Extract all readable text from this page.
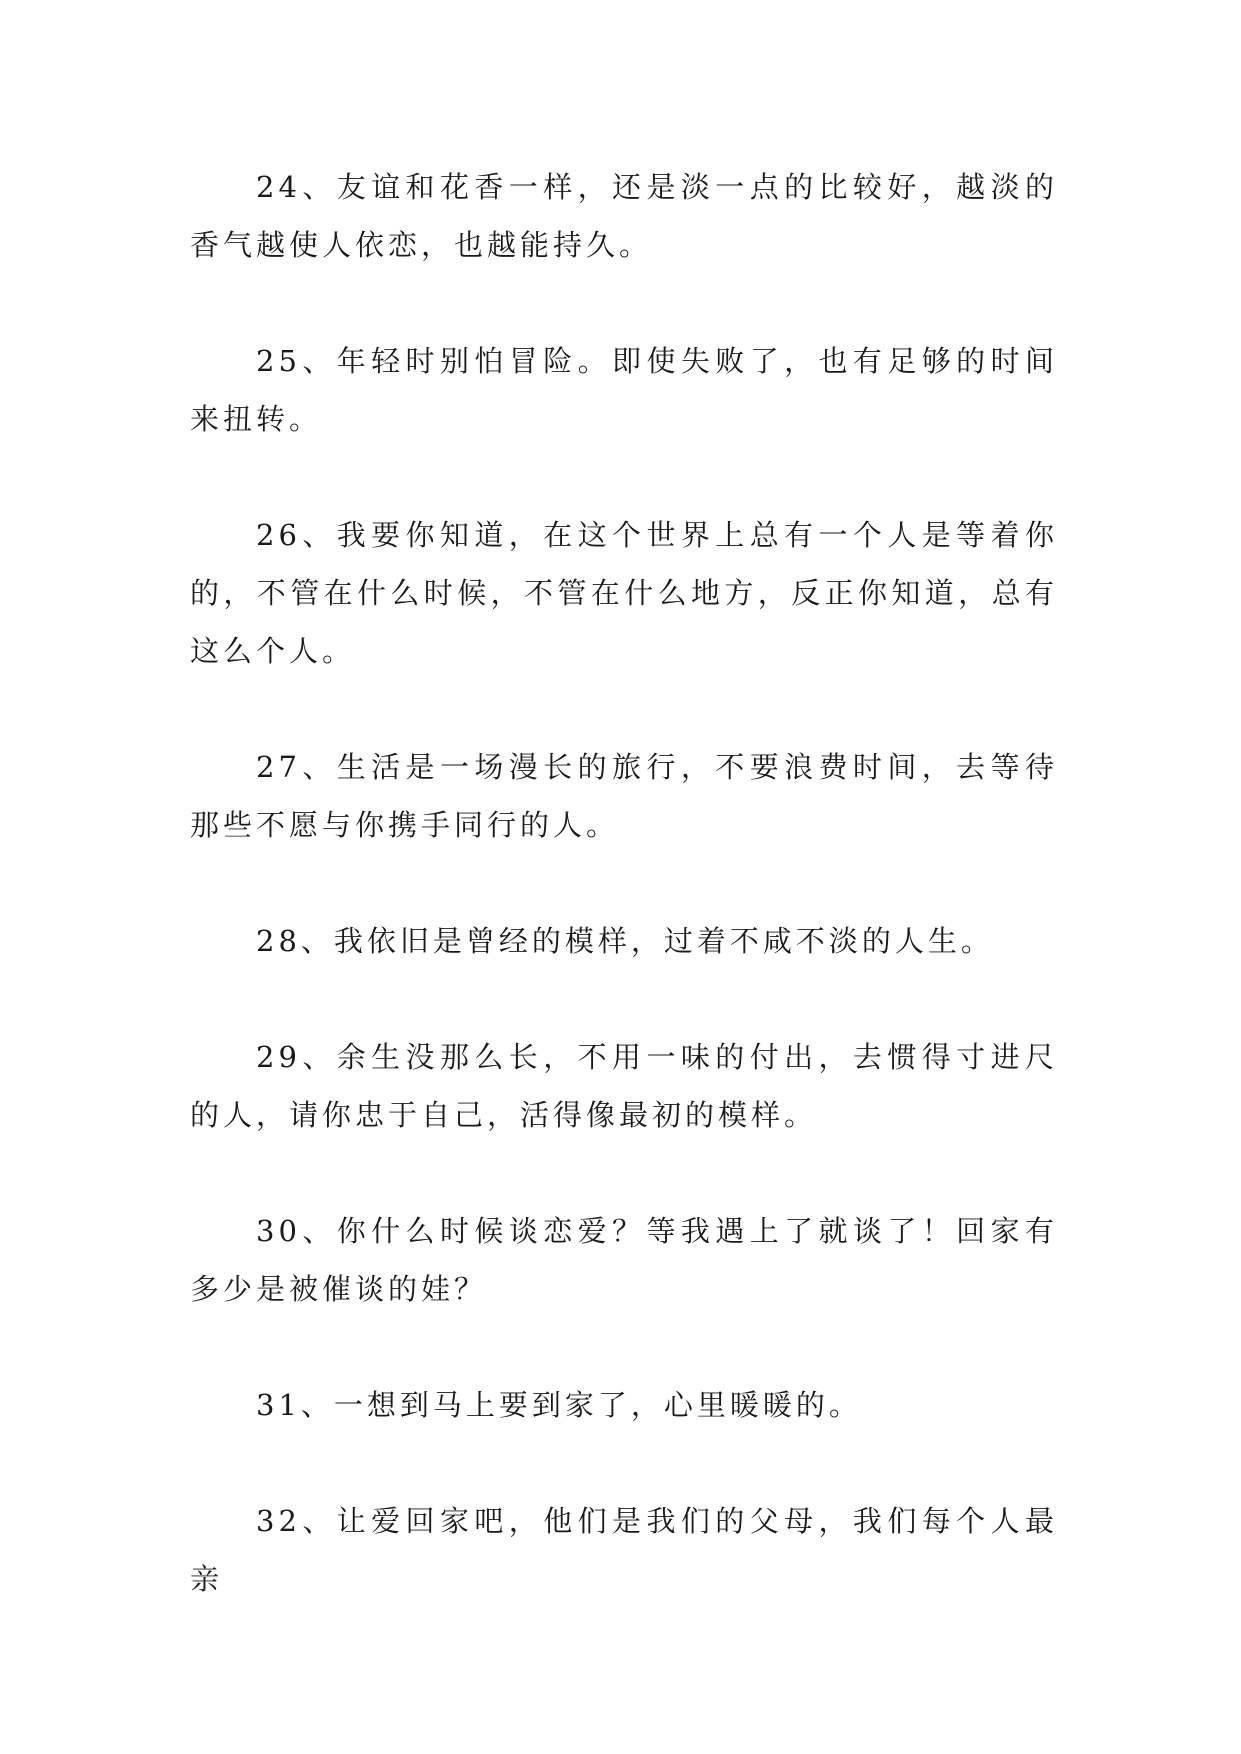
24、友谊和花香一样，还是淡一点的比较好，越淡的香气越使人依恋，也越能持久。

25、年轻时别怕冒险。即使失败了，也有足够的时间来扭转。

26、我要你知道，在这个世界上总有一个人是等着你的，不管在什么时候，不管在什么地方，反正你知道，总有这么个人。

27、生活是一场漫长的旅行，不要浪费时间，去等待那些不愿与你携手同行的人。

28、我依旧是曾经的模样，过着不咸不淡的人生。

29、余生没那么长，不用一味的付出，去惯得寸进尺的人，请你忠于自己，活得像最初的模样。

30、你什么时候谈恋爱？等我遇上了就谈了！回家有多少是被催谈的娃？

31、一想到马上要到家了，心里暖暖的。

32、让爱回家吧，他们是我们的父母，我们每个人最亲
